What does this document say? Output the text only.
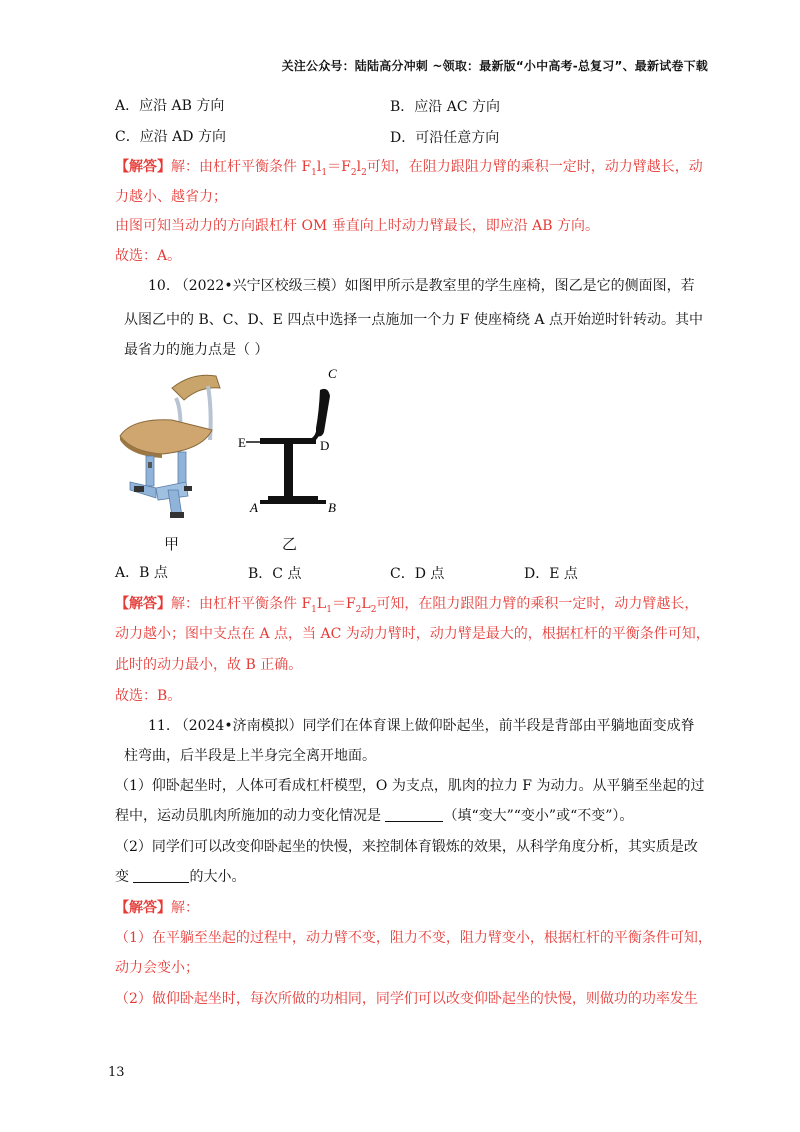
关注公众号：陆陆高分冲刺 ~领取：最新版“小中高考-总复习”、最新试卷下载
A．应沿 AB 方向	B．应沿 AC 方向
C．应沿 AD 方向	D．可沿任意方向
【解答】解：由杠杆平衡条件 $F_1l_1=F_2l_2$可知，在阻力跟阻力臂的乘积一定时，动力臂越长，动
力越小、越省力；
由图可知当动力的方向跟杠杆 OM 垂直向上时动力臂最长，即应沿 AB 方向。
故选：A。
10. （2022•兴宁区校级三模）如图甲所示是教室里的学生座椅，图乙是它的侧面图，若
从图乙中的 B、C、D、E 四点中选择一点施加一个力 F 使座椅绕 A 点开始逆时针转动。其中
最省力的施力点是（ ）
C
D
E
A	B
甲	乙
A．B 点	B．C 点	C．D 点	D．E 点
【解答】解：由杠杆平衡条件 $F_1L_1=F_2L_2$可知，在阻力跟阻力臂的乘积一定时，动力臂越长，
动力越小；图中支点在 A 点，当 AC 为动力臂时，动力臂是最大的，根据杠杆的平衡条件可知，
此时的动力最小，故 B 正确。
故选：B。
11. （2024•济南模拟）同学们在体育课上做仰卧起坐，前半段是背部由平躺地面变成脊
柱弯曲，后半段是上半身完全离开地面。
（1）仰卧起坐时，人体可看成杠杆模型，O 为支点，肌肉的拉力 F 为动力。从平躺至坐起的过
程中，运动员肌肉所施加的动力变化情况是	（填“变大”“变小”或“不变”）。
（2）同学们可以改变仰卧起坐的快慢，来控制体育锻炼的效果，从科学角度分析，其实质是改
变	的大小。
【解答】解：
（1）在平躺至坐起的过程中，动力臂不变，阻力不变，阻力臂变小，根据杠杆的平衡条件可知，
动力会变小；
（2）做仰卧起坐时，每次所做的功相同，同学们可以改变仰卧起坐的快慢，则做功的功率发生
13
